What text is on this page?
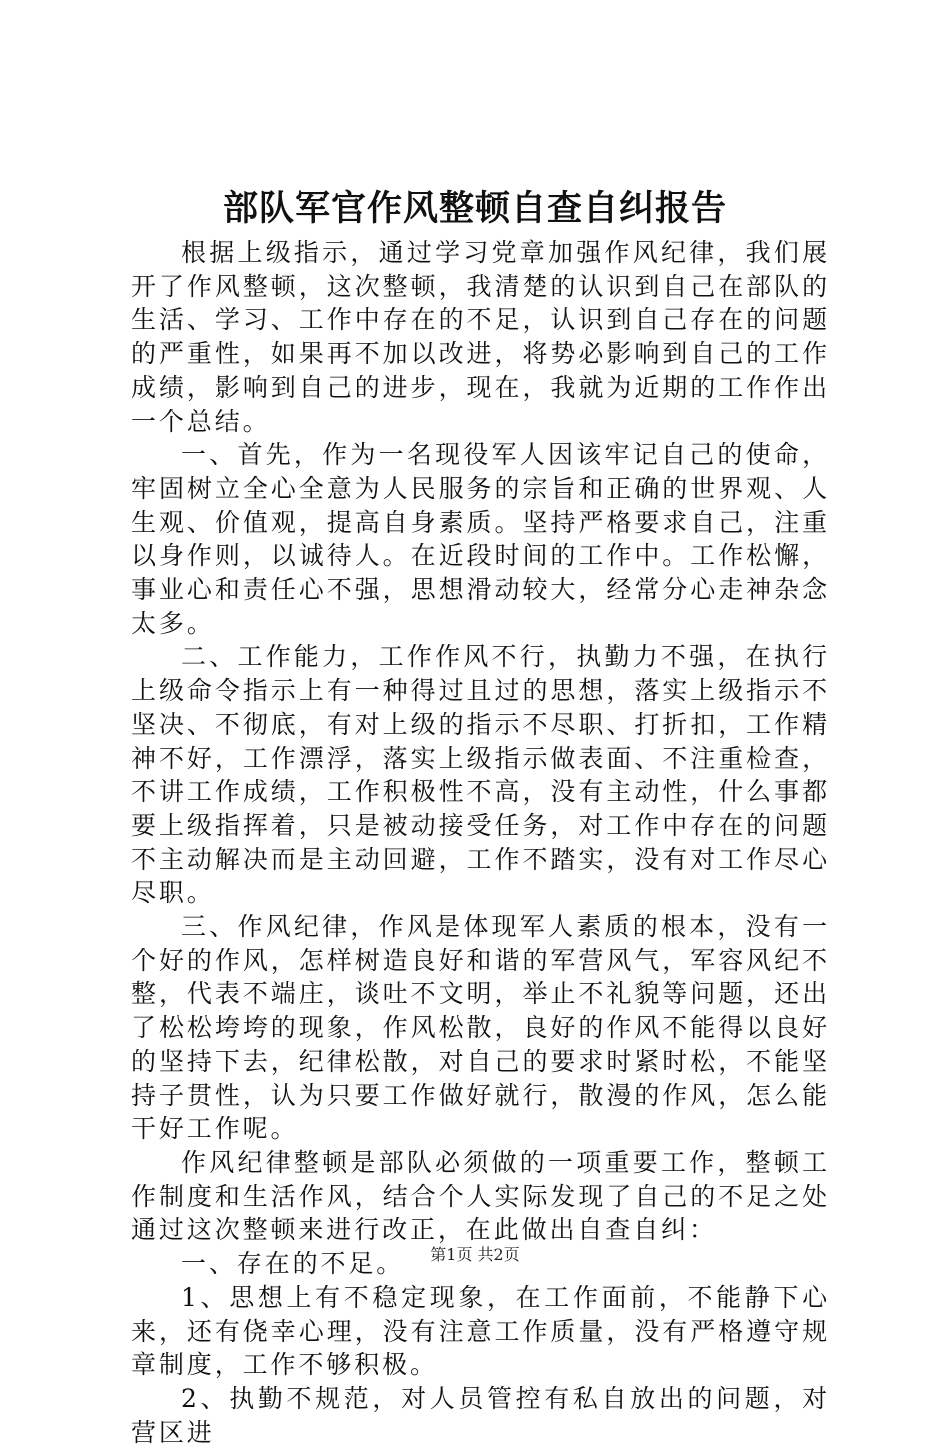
部队军官作风整顿自查自纠报告

根据上级指示，通过学习党章加强作风纪律，我们展开了作风整顿，这次整顿，我清楚的认识到自己在部队的生活、学习、工作中存在的不足，认识到自己存在的问题的严重性，如果再不加以改进，将势必影响到自己的工作成绩，影响到自己的进步，现在，我就为近期的工作作出一个总结。

一、首先，作为一名现役军人因该牢记自己的使命，牢固树立全心全意为人民服务的宗旨和正确的世界观、人生观、价值观，提高自身素质。坚持严格要求自己，注重以身作则，以诚待人。在近段时间的工作中。工作松懈，事业心和责任心不强，思想滑动较大，经常分心走神杂念太多。

二、工作能力，工作作风不行，执勤力不强，在执行上级命令指示上有一种得过且过的思想，落实上级指示不坚决、不彻底，有对上级的指示不尽职、打折扣，工作精神不好，工作漂浮，落实上级指示做表面、不注重检查，不讲工作成绩，工作积极性不高，没有主动性，什么事都要上级指挥着，只是被动接受任务，对工作中存在的问题不主动解决而是主动回避，工作不踏实，没有对工作尽心尽职。

三、作风纪律，作风是体现军人素质的根本，没有一个好的作风，怎样树造良好和谐的军营风气，军容风纪不整，代表不端庄，谈吐不文明，举止不礼貌等问题，还出了松松垮垮的现象，作风松散，良好的作风不能得以良好的坚持下去，纪律松散，对自己的要求时紧时松，不能坚持子贯性，认为只要工作做好就行，散漫的作风，怎么能干好工作呢。

作风纪律整顿是部队必须做的一项重要工作，整顿工作制度和生活作风，结合个人实际发现了自己的不足之处通过这次整顿来进行改正，在此做出自查自纠：

一、存在的不足。

1、思想上有不稳定现象，在工作面前，不能静下心来，还有侥幸心理，没有注意工作质量，没有严格遵守规章制度，工作不够积极。

2、执勤不规范，对人员管控有私自放出的问题，对营区进

第1页 共2页
